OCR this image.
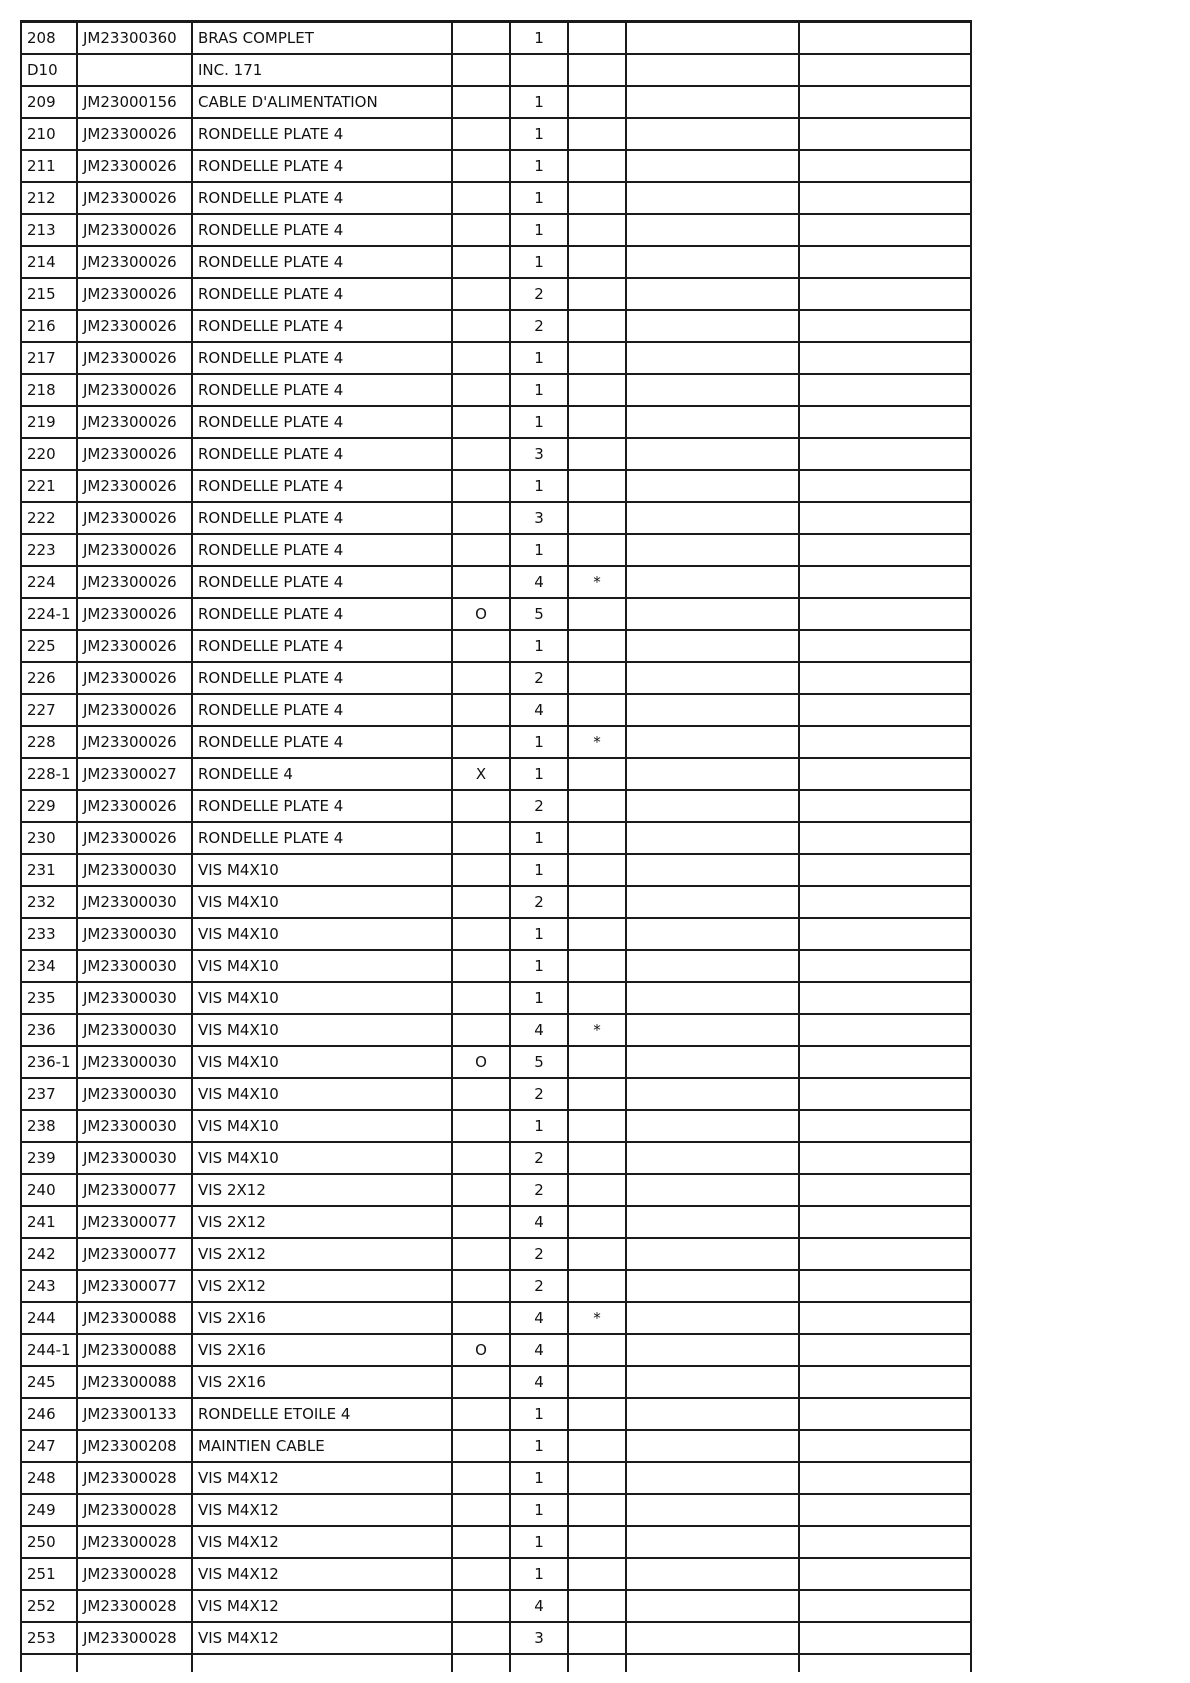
208	JM23300360	BRAS COMPLET		1			
D10		INC. 171					
209	JM23000156	CABLE D'ALIMENTATION		1			
210	JM23300026	RONDELLE PLATE 4		1			
211	JM23300026	RONDELLE PLATE 4		1			
212	JM23300026	RONDELLE PLATE 4		1			
213	JM23300026	RONDELLE PLATE 4		1			
214	JM23300026	RONDELLE PLATE 4		1			
215	JM23300026	RONDELLE PLATE 4		2			
216	JM23300026	RONDELLE PLATE 4		2			
217	JM23300026	RONDELLE PLATE 4		1			
218	JM23300026	RONDELLE PLATE 4		1			
219	JM23300026	RONDELLE PLATE 4		1			
220	JM23300026	RONDELLE PLATE 4		3			
221	JM23300026	RONDELLE PLATE 4		1			
222	JM23300026	RONDELLE PLATE 4		3			
223	JM23300026	RONDELLE PLATE 4		1			
224	JM23300026	RONDELLE PLATE 4		4	*		
224-1	JM23300026	RONDELLE PLATE 4	O	5			
225	JM23300026	RONDELLE PLATE 4		1			
226	JM23300026	RONDELLE PLATE 4		2			
227	JM23300026	RONDELLE PLATE 4		4			
228	JM23300026	RONDELLE PLATE 4		1	*		
228-1	JM23300027	RONDELLE 4	X	1			
229	JM23300026	RONDELLE PLATE 4		2			
230	JM23300026	RONDELLE PLATE 4		1			
231	JM23300030	VIS M4X10		1			
232	JM23300030	VIS M4X10		2			
233	JM23300030	VIS M4X10		1			
234	JM23300030	VIS M4X10		1			
235	JM23300030	VIS M4X10		1			
236	JM23300030	VIS M4X10		4	*		
236-1	JM23300030	VIS M4X10	O	5			
237	JM23300030	VIS M4X10		2			
238	JM23300030	VIS M4X10		1			
239	JM23300030	VIS M4X10		2			
240	JM23300077	VIS 2X12		2			
241	JM23300077	VIS 2X12		4			
242	JM23300077	VIS 2X12		2			
243	JM23300077	VIS 2X12		2			
244	JM23300088	VIS 2X16		4	*		
244-1	JM23300088	VIS 2X16	O	4			
245	JM23300088	VIS 2X16		4			
246	JM23300133	RONDELLE ETOILE 4		1			
247	JM23300208	MAINTIEN CABLE		1			
248	JM23300028	VIS M4X12		1			
249	JM23300028	VIS M4X12		1			
250	JM23300028	VIS M4X12		1			
251	JM23300028	VIS M4X12		1			
252	JM23300028	VIS M4X12		4			
253	JM23300028	VIS M4X12		3			
